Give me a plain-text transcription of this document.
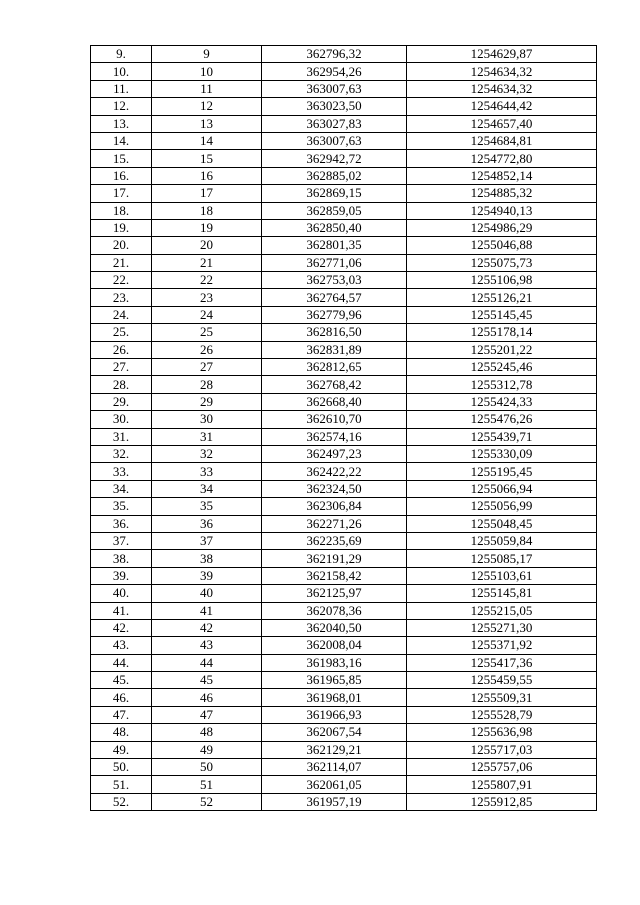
9.	9	362796,32	1254629,87
10.	10	362954,26	1254634,32
11.	11	363007,63	1254634,32
12.	12	363023,50	1254644,42
13.	13	363027,83	1254657,40
14.	14	363007,63	1254684,81
15.	15	362942,72	1254772,80
16.	16	362885,02	1254852,14
17.	17	362869,15	1254885,32
18.	18	362859,05	1254940,13
19.	19	362850,40	1254986,29
20.	20	362801,35	1255046,88
21.	21	362771,06	1255075,73
22.	22	362753,03	1255106,98
23.	23	362764,57	1255126,21
24.	24	362779,96	1255145,45
25.	25	362816,50	1255178,14
26.	26	362831,89	1255201,22
27.	27	362812,65	1255245,46
28.	28	362768,42	1255312,78
29.	29	362668,40	1255424,33
30.	30	362610,70	1255476,26
31.	31	362574,16	1255439,71
32.	32	362497,23	1255330,09
33.	33	362422,22	1255195,45
34.	34	362324,50	1255066,94
35.	35	362306,84	1255056,99
36.	36	362271,26	1255048,45
37.	37	362235,69	1255059,84
38.	38	362191,29	1255085,17
39.	39	362158,42	1255103,61
40.	40	362125,97	1255145,81
41.	41	362078,36	1255215,05
42.	42	362040,50	1255271,30
43.	43	362008,04	1255371,92
44.	44	361983,16	1255417,36
45.	45	361965,85	1255459,55
46.	46	361968,01	1255509,31
47.	47	361966,93	1255528,79
48.	48	362067,54	1255636,98
49.	49	362129,21	1255717,03
50.	50	362114,07	1255757,06
51.	51	362061,05	1255807,91
52.	52	361957,19	1255912,85
